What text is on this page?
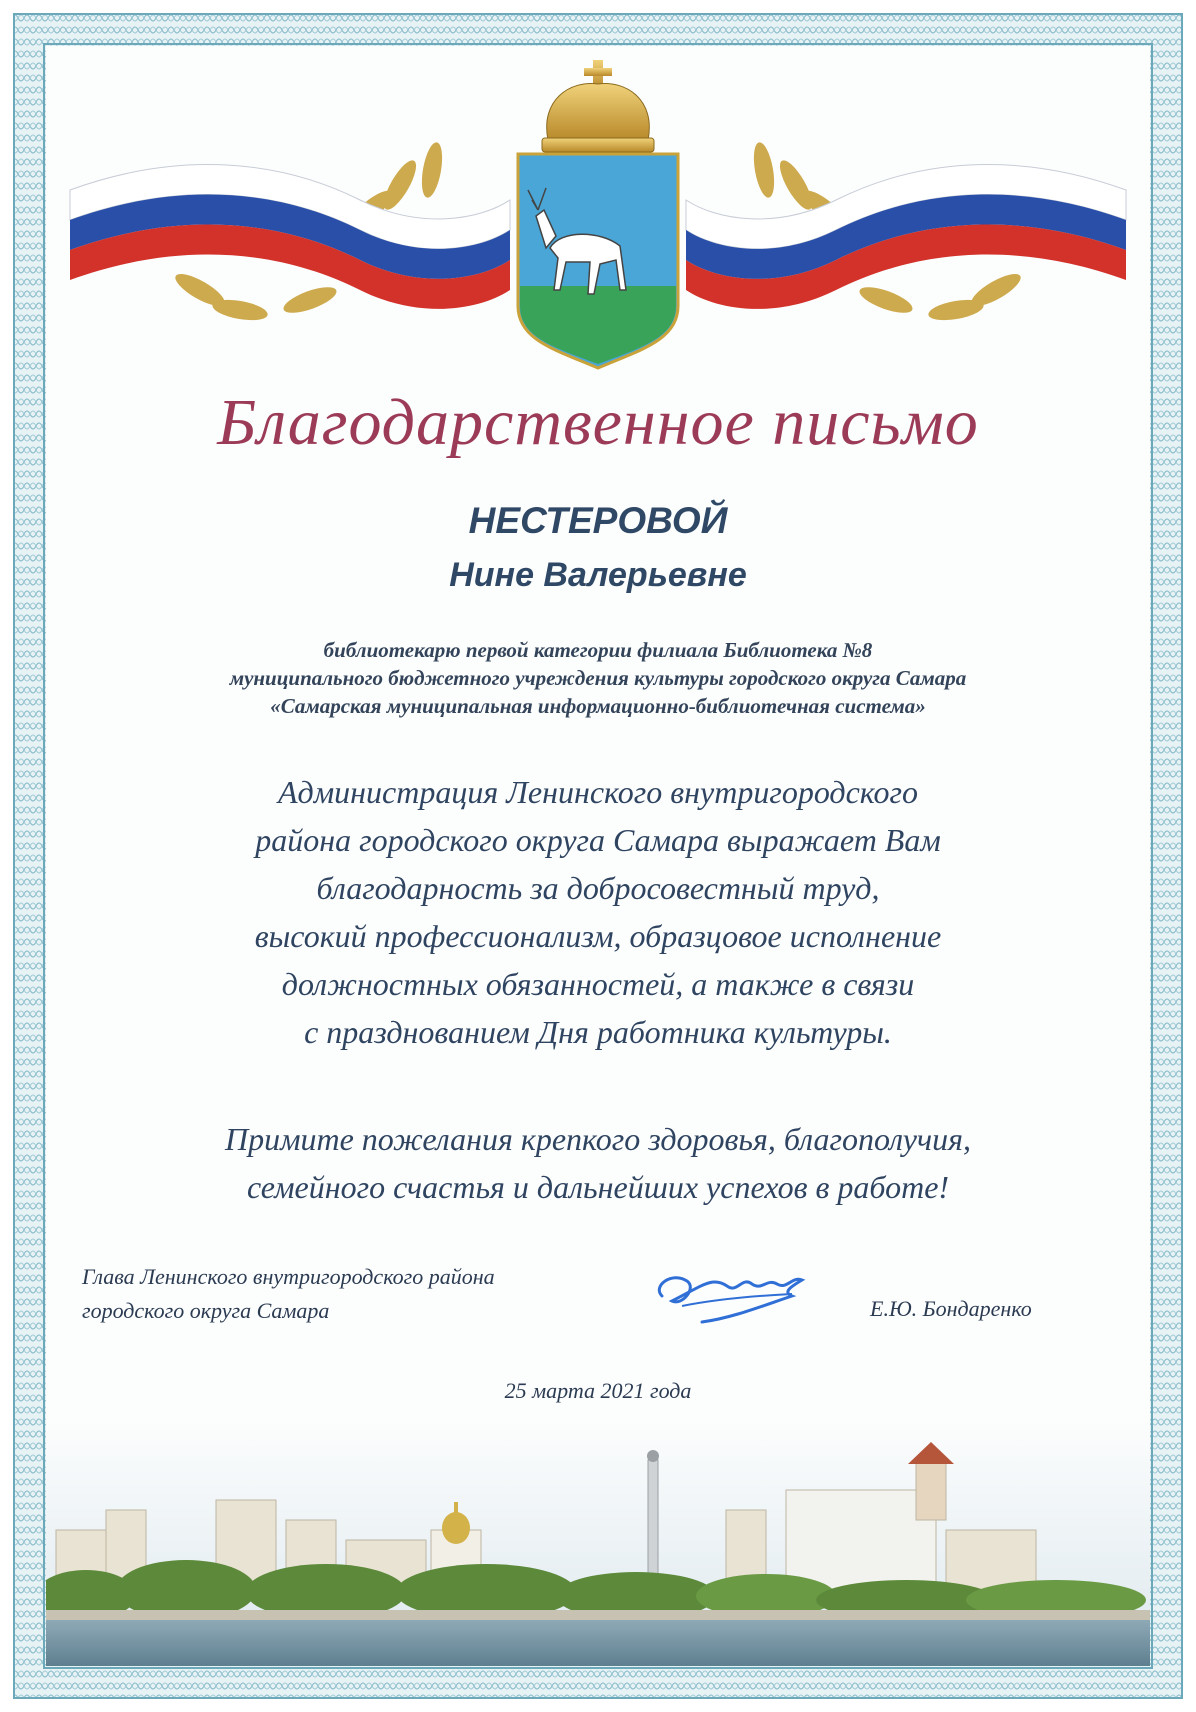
Благодарственное письмо
НЕСТЕРОВОЙ
Нине Валерьевне
библиотекарю первой категории филиала Библиотека №8
муниципального бюджетного учреждения культуры городского округа Самара
«Самарская муниципальная информационно-библиотечная система»
Администрация Ленинского внутригородского
района городского округа Самара выражает Вам
благодарность за добросовестный труд,
высокий профессионализм, образцовое исполнение
должностных обязанностей, а также в связи
с празднованием Дня работника культуры.
Примите пожелания крепкого здоровья, благополучия,
семейного счастья и дальнейших успехов в работе!
Глава Ленинского внутригородского района
городского округа Самара	Е.Ю. Бондаренко
25 марта 2021 года
